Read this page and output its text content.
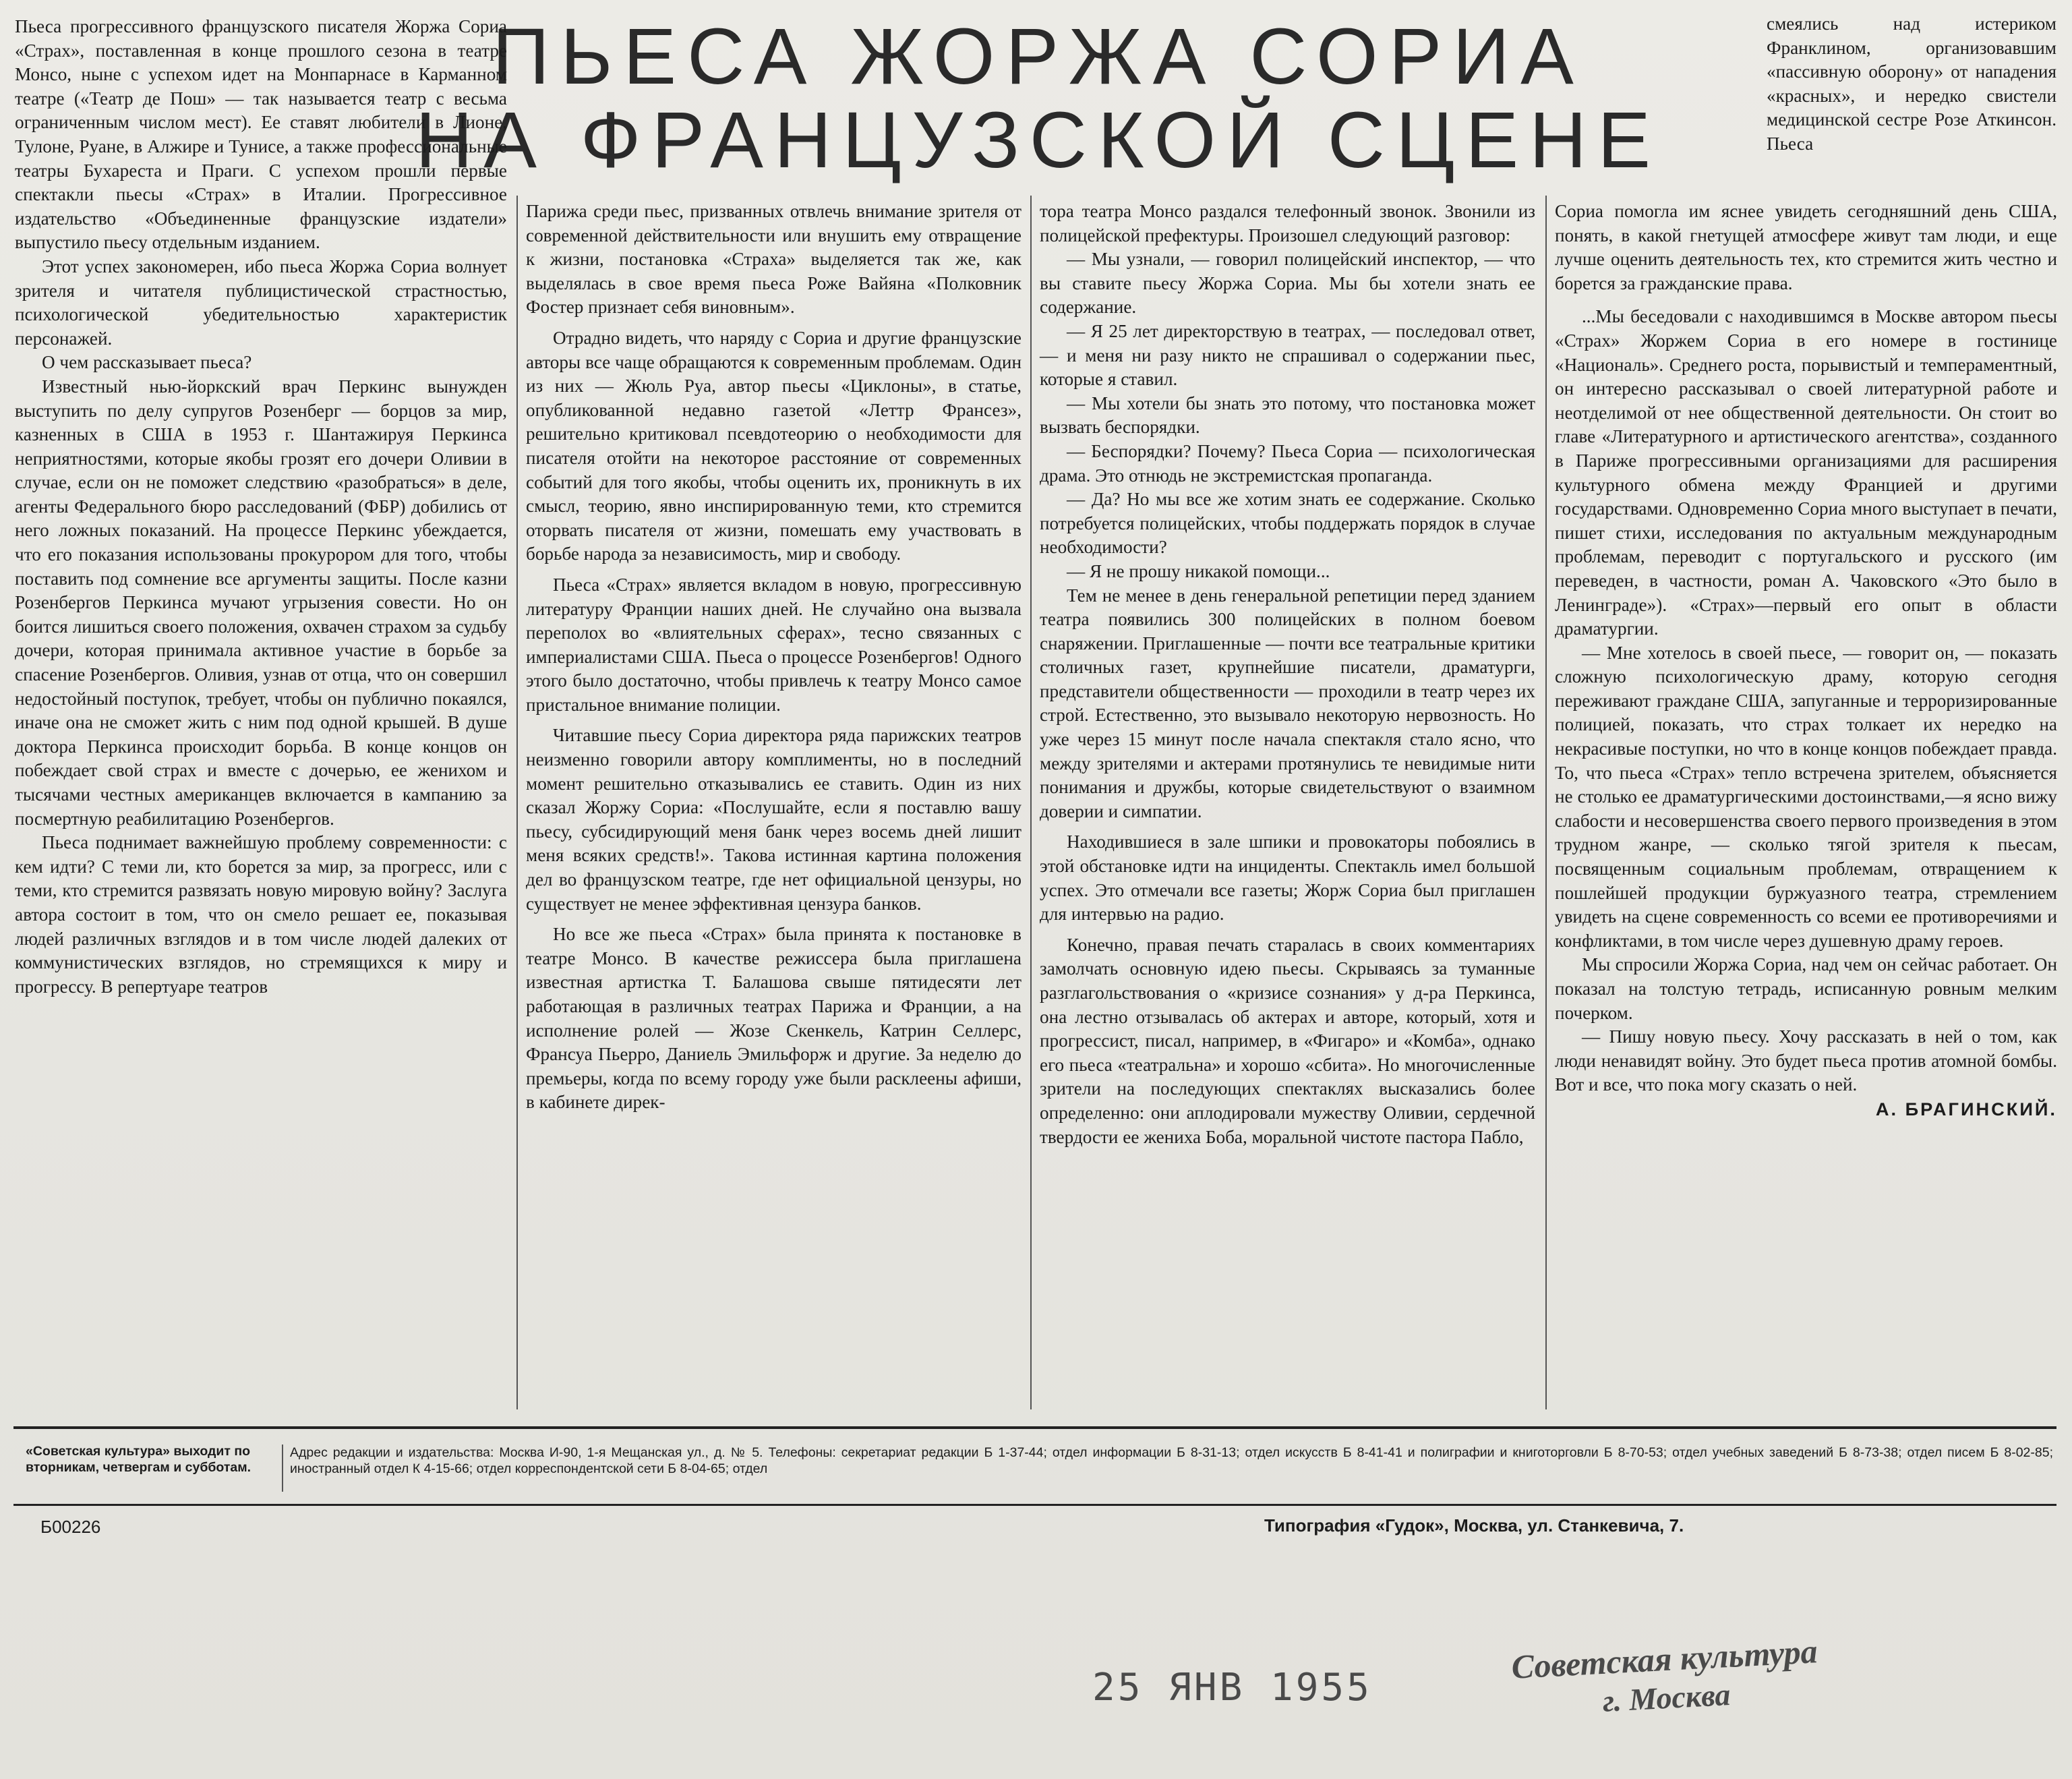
ПЬЕСА ЖОРЖА СОРИА
НА ФРАНЦУЗСКОЙ СЦЕНЕ

Пьеса прогрессивного французского писателя Жоржа Сориа «Страх», поставленная в конце прошлого сезона в театре Монсо, ныне с успехом идет на Монпарнасе в Карманном театре («Театр де Пош» — так называется театр с весьма ограниченным числом мест). Ее ставят любители в Лионе, Тулоне, Руане, в Алжире и Тунисе, а также профессиональные театры Бухареста и Праги. С успехом прошли первые спектакли пьесы «Страх» в Италии. Прогрессивное издательство «Объединенные французские издатели» выпустило пьесу отдельным изданием.

Этот успех закономерен, ибо пьеса Жоржа Сориа волнует зрителя и читателя публицистической страстностью, психологической убедительностью характеристик персонажей.

О чем рассказывает пьеса?

Известный нью-йоркский врач Перкинс вынужден выступить по делу супругов Розенберг — борцов за мир, казненных в США в 1953 г. Шантажируя Перкинса неприятностями, которые якобы грозят его дочери Оливии в случае, если он не поможет следствию «разобраться» в деле, агенты Федерального бюро расследований (ФБР) добились от него ложных показаний. На процессе Перкинс убеждается, что его показания использованы прокурором для того, чтобы поставить под сомнение все аргументы защиты. После казни Розенбергов Перкинса мучают угрызения совести. Но он боится лишиться своего положения, охвачен страхом за судьбу дочери, которая принимала активное участие в борьбе за спасение Розенбергов. Оливия, узнав от отца, что он совершил недостойный поступок, требует, чтобы он публично покаялся, иначе она не сможет жить с ним под одной крышей. В душе доктора Перкинса происходит борьба. В конце концов он побеждает свой страх и вместе с дочерью, ее женихом и тысячами честных американцев включается в кампанию за посмертную реабилитацию Розенбергов.

Пьеса поднимает важнейшую проблему современности: с кем идти? С теми ли, кто борется за мир, за прогресс, или с теми, кто стремится развязать новую мировую войну? Заслуга автора состоит в том, что он смело решает ее, показывая людей различных взглядов и в том числе людей далеких от коммунистических взглядов, но стремящихся к миру и прогрессу. В репертуаре театров

Парижа среди пьес, призванных отвлечь внимание зрителя от современной действительности или внушить ему отвращение к жизни, постановка «Страха» выделяется так же, как выделялась в свое время пьеса Роже Вайяна «Полковник Фостер признает себя виновным».

Отрадно видеть, что наряду с Сориа и другие французские авторы все чаще обращаются к современным проблемам. Один из них — Жюль Руа, автор пьесы «Циклоны», в статье, опубликованной недавно газетой «Леттр Франсез», решительно критиковал псевдотеорию о необходимости для писателя отойти на некоторое расстояние от современных событий для того якобы, чтобы оценить их, проникнуть в их смысл, теорию, явно инспирированную теми, кто стремится оторвать писателя от жизни, помешать ему участвовать в борьбе народа за независимость, мир и свободу.

Пьеса «Страх» является вкладом в новую, прогрессивную литературу Франции наших дней. Не случайно она вызвала переполох во «влиятельных сферах», тесно связанных с империалистами США. Пьеса о процессе Розенбергов! Одного этого было достаточно, чтобы привлечь к театру Монсо самое пристальное внимание полиции.

Читавшие пьесу Сориа директора ряда парижских театров неизменно говорили автору комплименты, но в последний момент решительно отказывались ее ставить. Один из них сказал Жоржу Сориа: «Послушайте, если я поставлю вашу пьесу, субсидирующий меня банк через восемь дней лишит меня всяких средств!». Такова истинная картина положения дел во французском театре, где нет официальной цензуры, но существует не менее эффективная цензура банков.

Но все же пьеса «Страх» была принята к постановке в театре Монсо. В качестве режиссера была приглашена известная артистка Т. Балашова свыше пятидесяти лет работающая в различных театрах Парижа и Франции, а на исполнение ролей — Жозе Скенкель, Катрин Селлерс, Франсуа Пьерро, Даниель Эмильфорж и другие. За неделю до премьеры, когда по всему городу уже были расклеены афиши, в кабинете дирек-

тора театра Монсо раздался телефонный звонок. Звонили из полицейской префектуры. Произошел следующий разговор:

— Мы узнали, — говорил полицейский инспектор, — что вы ставите пьесу Жоржа Сориа. Мы бы хотели знать ее содержание.

— Я 25 лет директорствую в театрах, — последовал ответ, — и меня ни разу никто не спрашивал о содержании пьес, которые я ставил.

— Мы хотели бы знать это потому, что постановка может вызвать беспорядки.

— Беспорядки? Почему? Пьеса Сориа — психологическая драма. Это отнюдь не экстремистская пропаганда.

— Да? Но мы все же хотим знать ее содержание. Сколько потребуется полицейских, чтобы поддержать порядок в случае необходимости?

— Я не прошу никакой помощи...

Тем не менее в день генеральной репетиции перед зданием театра появились 300 полицейских в полном боевом снаряжении. Приглашенные — почти все театральные критики столичных газет, крупнейшие писатели, драматурги, представители общественности — проходили в театр через их строй. Естественно, это вызывало некоторую нервозность. Но уже через 15 минут после начала спектакля стало ясно, что между зрителями и актерами протянулись те невидимые нити понимания и дружбы, которые свидетельствуют о взаимном доверии и симпатии.

Находившиеся в зале шпики и провокаторы побоялись в этой обстановке идти на инциденты. Спектакль имел большой успех. Это отмечали все газеты; Жорж Сориа был приглашен для интервью на радио.

Конечно, правая печать старалась в своих комментариях замолчать основную идею пьесы. Скрываясь за туманные разглагольствования о «кризисе сознания» у д-ра Перкинса, она лестно отзывалась об актерах и авторе, который, хотя и прогрессист, писал, например, в «Фигаро» и «Комба», однако его пьеса «театральна» и хорошо «сбита». Но многочисленные зрители на последующих спектаклях высказались более определенно: они аплодировали мужеству Оливии, сердечной твердости ее жениха Боба, моральной чистоте пастора Пабло,

смеялись над истериком Франклином, организовавшим «пассивную оборону» от нападения «красных», и нередко свистели медицинской сестре Розе Аткинсон. Пьеса

Сориа помогла им яснее увидеть сегодняшний день США, понять, в какой гнетущей атмосфере живут там люди, и еще лучше оценить деятельность тех, кто стремится жить честно и борется за гражданские права.

...Мы беседовали с находившимся в Москве автором пьесы «Страх» Жоржем Сориа в его номере в гостинице «Националь». Среднего роста, порывистый и темпераментный, он интересно рассказывал о своей литературной работе и неотделимой от нее общественной деятельности. Он стоит во главе «Литературного и артистического агентства», созданного в Париже прогрессивными организациями для расширения культурного обмена между Францией и другими государствами. Одновременно Сориа много выступает в печати, пишет стихи, исследования по актуальным международным проблемам, переводит с португальского и русского (им переведен, в частности, роман А. Чаковского «Это было в Ленинграде»). «Страх»—первый его опыт в области драматургии.

— Мне хотелось в своей пьесе, — говорит он, — показать сложную психологическую драму, которую сегодня переживают граждане США, запуганные и терроризированные полицией, показать, что страх толкает их нередко на некрасивые поступки, но что в конце концов побеждает правда. То, что пьеса «Страх» тепло встречена зрителем, объясняется не столько ее драматургическими достоинствами,—я ясно вижу слабости и несовершенства своего первого произведения в этом трудном жанре, — сколько тягой зрителя к пьесам, посвященным социальным проблемам, отвращением к пошлейшей продукции буржуазного театра, стремлением увидеть на сцене современность со всеми ее противоречиями и конфликтами, в том числе через душевную драму героев.

Мы спросили Жоржа Сориа, над чем он сейчас работает. Он показал на толстую тетрадь, исписанную ровным мелким почерком.

— Пишу новую пьесу. Хочу рассказать в ней о том, как люди ненавидят войну. Это будет пьеса против атомной бомбы. Вот и все, что пока могу сказать о ней.

А. БРАГИНСКИЙ.

«Советская культура» выходит по вторникам, четвергам и субботам.
Адрес редакции и издательства: Москва И-90, 1-я Мещанская ул., д. № 5. Телефоны: секретариат редакции Б 1-37-44; отдел информации Б 8-31-13; отдел искусств Б 8-41-41 и полиграфии и книготорговли Б 8-70-53; отдел учебных заведений Б 8-73-38; отдел писем Б 8-02-85; иностранный отдел К 4-15-66; отдел корреспондентской сети Б 8-04-65; отдел
Б00226	Типография «Гудок», Москва, ул. Станкевича, 7.
25 ЯНВ 1955
Советская культура
г. Москва
